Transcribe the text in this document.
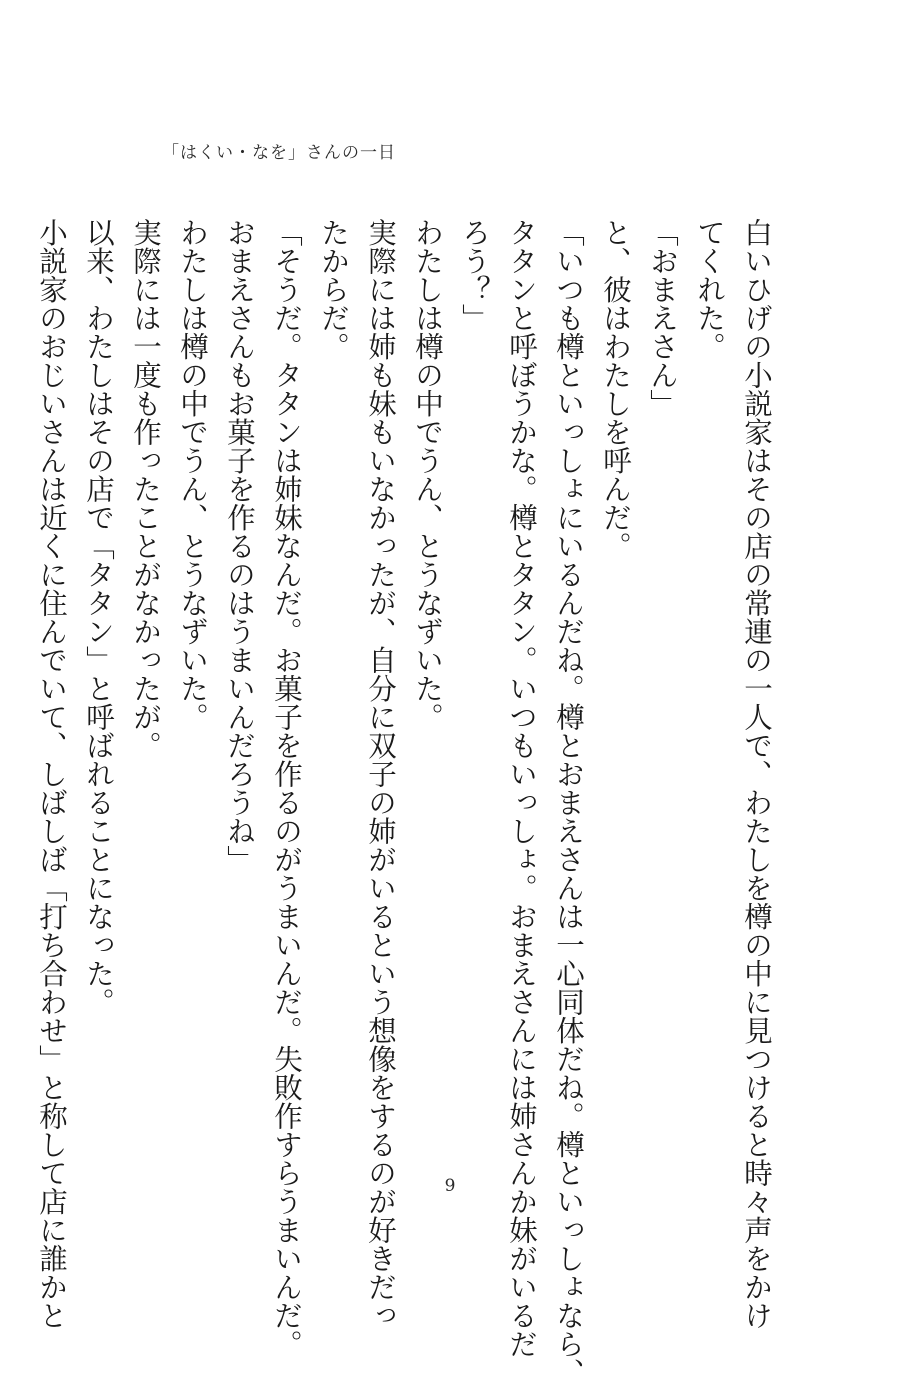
「はくい・なを」さんの一日
白いひげの小説家はその店の常連の一人で、わたしを樽の中に見つけると時々声をかけ
てくれた。
「おまえさん」
と、彼はわたしを呼んだ。
「いつも樽といっしょにいるんだね。樽とおまえさんは一心同体だね。樽といっしょなら、
タタンと呼ぼうかな。樽とタタン。いつもいっしょ。おまえさんには姉さんか妹がいるだ
ろう？」
わたしは樽の中でうん、とうなずいた。
実際には姉も妹もいなかったが、自分に双子の姉がいるという想像をするのが好きだっ
たからだ。
「そうだ。タタンは姉妹なんだ。お菓子を作るのがうまいんだ。失敗作すらうまいんだ。
おまえさんもお菓子を作るのはうまいんだろうね」
わたしは樽の中でうん、とうなずいた。
実際には一度も作ったことがなかったが。
以来、わたしはその店で「タタン」と呼ばれることになった。
小説家のおじいさんは近くに住んでいて、しばしば「打ち合わせ」と称して店に誰かと	9
